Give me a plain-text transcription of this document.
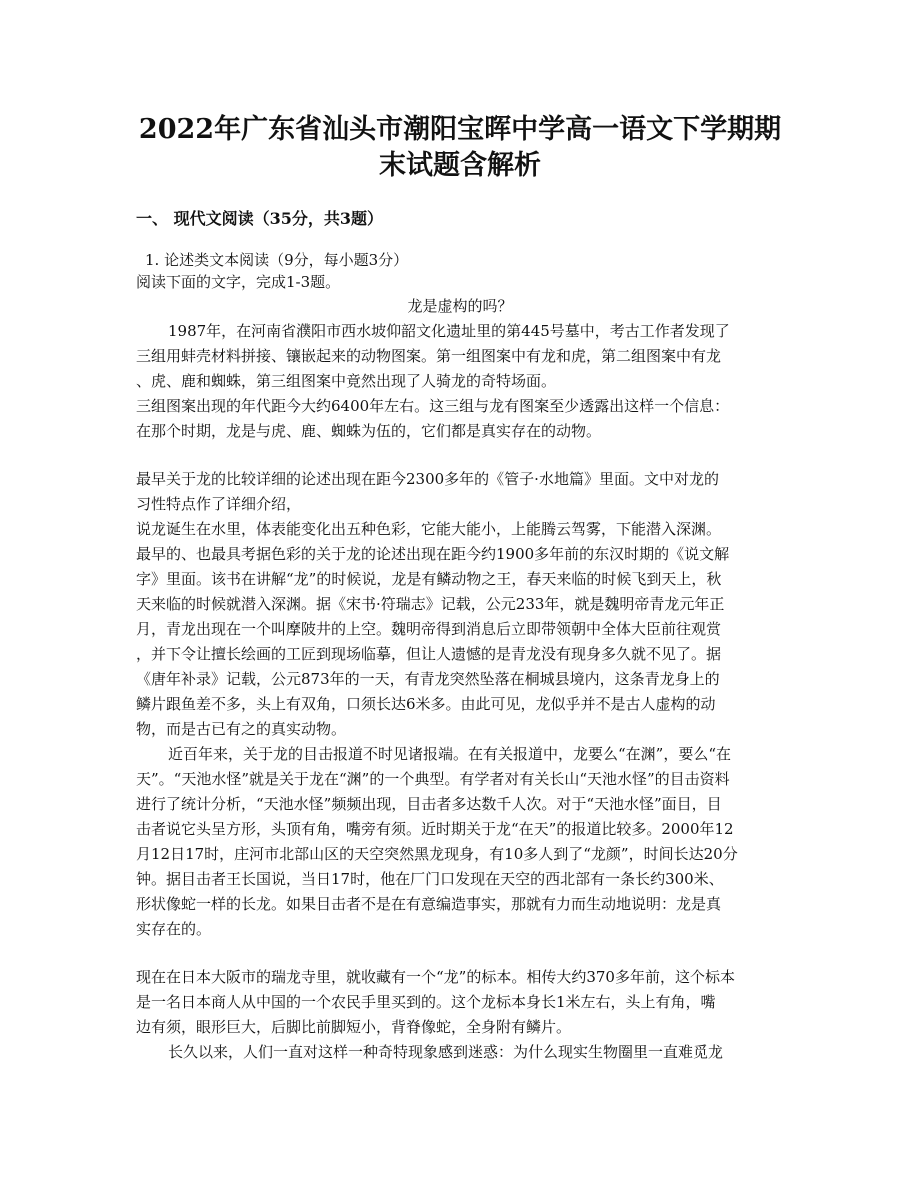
2022年广东省汕头市潮阳宝晖中学高一语文下学期期
末试题含解析
一、 现代文阅读（35分，共3题）
1. 论述类文本阅读（9分，每小题3分）
阅读下面的文字，完成1-3题。
龙是虚构的吗？
1987年，在河南省濮阳市西水坡仰韶文化遗址里的第445号墓中，考古工作者发现了
三组用蚌壳材料拼接、镶嵌起来的动物图案。第一组图案中有龙和虎，第二组图案中有龙
、虎、鹿和蜘蛛，第三组图案中竟然出现了人骑龙的奇特场面。
三组图案出现的年代距今大约6400年左右。这三组与龙有图案至少透露出这样一个信息：
在那个时期，龙是与虎、鹿、蜘蛛为伍的，它们都是真实存在的动物。
最早关于龙的比较详细的论述出现在距今2300多年的《管子·水地篇》里面。文中对龙的
习性特点作了详细介绍，
说龙诞生在水里，体表能变化出五种色彩，它能大能小，上能腾云驾雾，下能潜入深渊。
最早的、也最具考据色彩的关于龙的论述出现在距今约1900多年前的东汉时期的《说文解
字》里面。该书在讲解“龙”的时候说，龙是有鳞动物之王，春天来临的时候飞到天上，秋
天来临的时候就潜入深渊。据《宋书·符瑞志》记载，公元233年，就是魏明帝青龙元年正
月，青龙出现在一个叫摩陂井的上空。魏明帝得到消息后立即带领朝中全体大臣前往观赏
，并下令让擅长绘画的工匠到现场临摹，但让人遗憾的是青龙没有现身多久就不见了。据
《唐年补录》记载，公元873年的一天，有青龙突然坠落在桐城县境内，这条青龙身上的
鳞片跟鱼差不多，头上有双角，口须长达6米多。由此可见，龙似乎并不是古人虚构的动
物，而是古已有之的真实动物。
近百年来，关于龙的目击报道不时见诸报端。在有关报道中，龙要么“在渊”，要么“在
天”。“天池水怪”就是关于龙在“渊”的一个典型。有学者对有关长山“天池水怪”的目击资料
进行了统计分析，“天池水怪”频频出现，目击者多达数千人次。对于“天池水怪”面目，目
击者说它头呈方形，头顶有角，嘴旁有须。近时期关于龙“在天”的报道比较多。2000年12
月12日17时，庄河市北部山区的天空突然黑龙现身，有10多人到了“龙颜”，时间长达20分
钟。据目击者王长国说，当日17时，他在厂门口发现在天空的西北部有一条长约300米、
形状像蛇一样的长龙。如果目击者不是在有意编造事实，那就有力而生动地说明：龙是真
实存在的。
现在在日本大阪市的瑞龙寺里，就收藏有一个“龙”的标本。相传大约370多年前，这个标本
是一名日本商人从中国的一个农民手里买到的。这个龙标本身长1米左右，头上有角，嘴
边有须，眼形巨大，后脚比前脚短小，背脊像蛇，全身附有鳞片。
长久以来，人们一直对这样一种奇特现象感到迷惑：为什么现实生物圈里一直难觅龙
